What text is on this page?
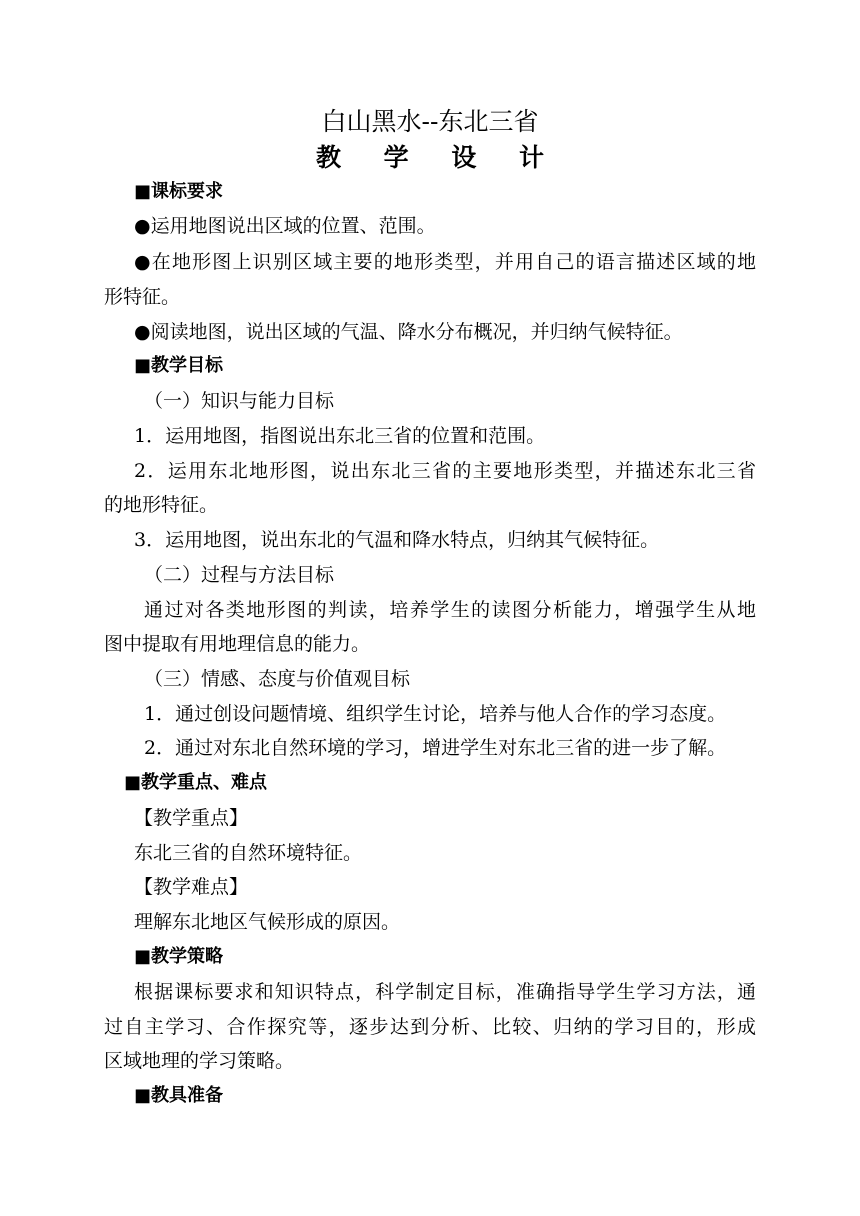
白山黑水--东北三省
教 学 设 计
■课标要求
●运用地图说出区域的位置、范围。
●在地形图上识别区域主要的地形类型，并用自己的语言描述区域的地
形特征。
●阅读地图，说出区域的气温、降水分布概况，并归纳气候特征。
■教学目标
（一）知识与能力目标
1．运用地图，指图说出东北三省的位置和范围。
2．运用东北地形图，说出东北三省的主要地形类型，并描述东北三省
的地形特征。
3．运用地图，说出东北的气温和降水特点，归纳其气候特征。
（二）过程与方法目标
通过对各类地形图的判读，培养学生的读图分析能力，增强学生从地
图中提取有用地理信息的能力。
（三）情感、态度与价值观目标
1．通过创设问题情境、组织学生讨论，培养与他人合作的学习态度。
2．通过对东北自然环境的学习，增进学生对东北三省的进一步了解。
■教学重点、难点
【教学重点】
东北三省的自然环境特征。
【教学难点】
理解东北地区气候形成的原因。
■教学策略
根据课标要求和知识特点，科学制定目标，准确指导学生学习方法，通
过自主学习、合作探究等，逐步达到分析、比较、归纳的学习目的，形成
区域地理的学习策略。
■教具准备
